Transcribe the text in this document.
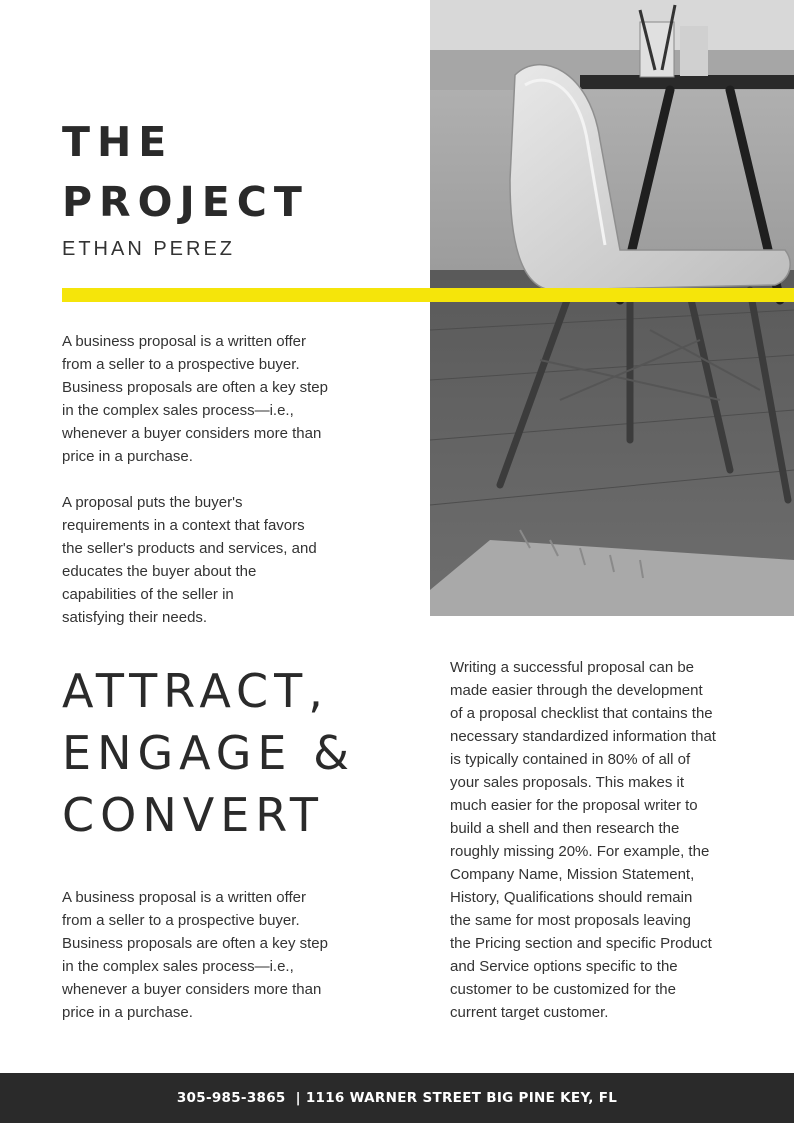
THE
PROJECT
ETHAN PEREZ

A business proposal is a written offer
from a seller to a prospective buyer.
Business proposals are often a key step
in the complex sales process—i.e.,
whenever a buyer considers more than
price in a purchase.

A proposal puts the buyer's
requirements in a context that favors
the seller's products and services, and
educates the buyer about the
capabilities of the seller in
satisfying their needs.

ATTRACT,
ENGAGE &
CONVERT

A business proposal is a written offer
from a seller to a prospective buyer.
Business proposals are often a key step
in the complex sales process—i.e.,
whenever a buyer considers more than
price in a purchase.

Writing a successful proposal can be
made easier through the development
of a proposal checklist that contains the
necessary standardized information that
is typically contained in 80% of all of
your sales proposals. This makes it
much easier for the proposal writer to
build a shell and then research the
roughly missing 20%. For example, the
Company Name, Mission Statement,
History, Qualifications should remain
the same for most proposals leaving
the Pricing section and specific Product
and Service options specific to the
customer to be customized for the
current target customer.

305-985-3865  | 1116 WARNER STREET BIG PINE KEY, FL
